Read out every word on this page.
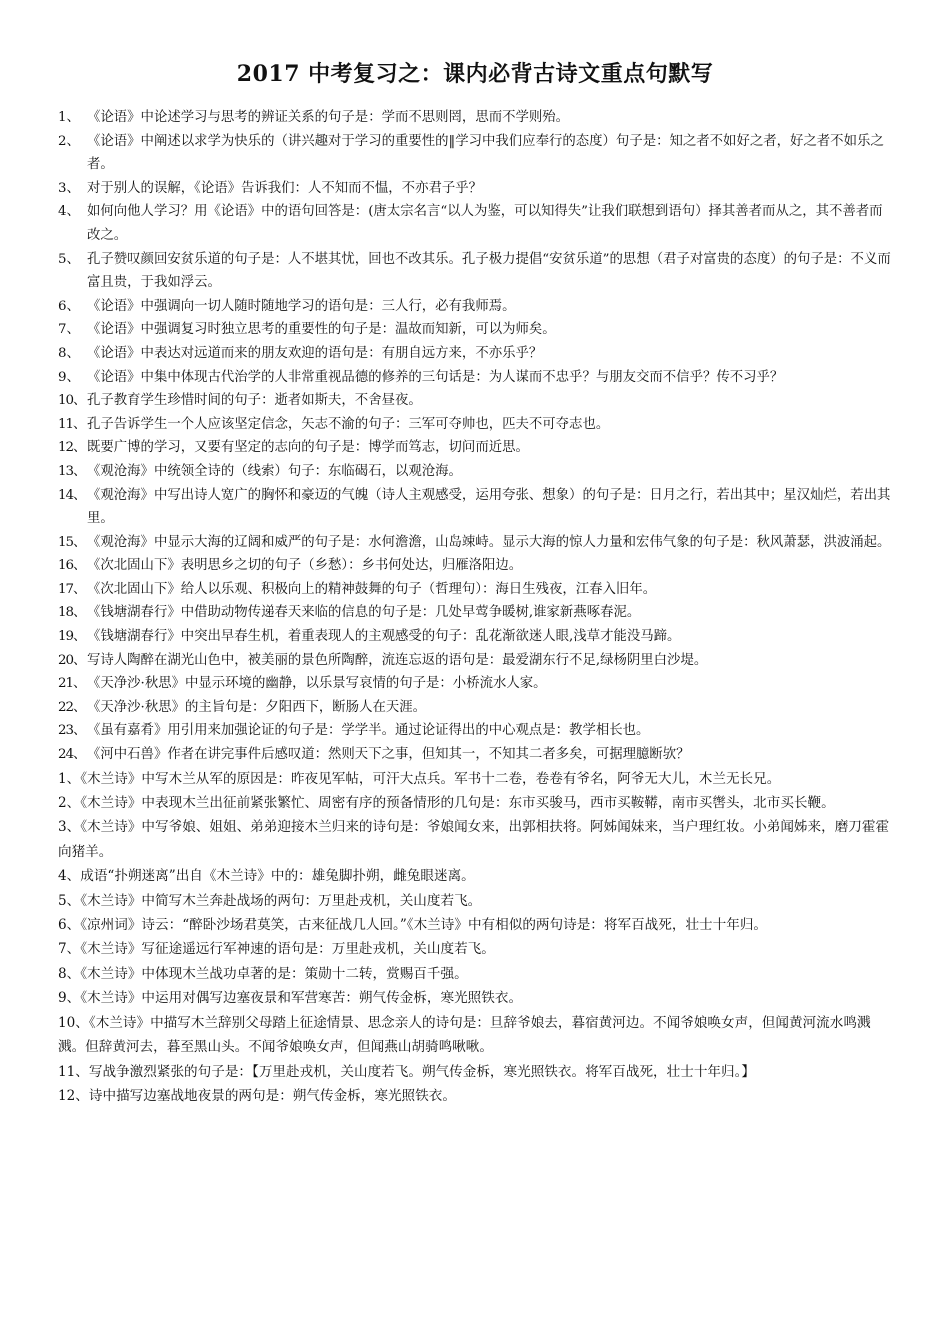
2017 中考复习之：课内必背古诗文重点句默写
1、 《论语》中论述学习与思考的辨证关系的句子是：学而不思则罔，思而不学则殆。
2、 《论语》中阐述以求学为快乐的（讲兴趣对于学习的重要性的‖学习中我们应奉行的态度）句子是：知之者不如好之者，好之者不如乐之者。
3、 对于别人的误解，《论语》告诉我们：人不知而不愠，不亦君子乎？
4、 如何向他人学习？用《论语》中的语句回答是：(唐太宗名言“以人为鉴，可以知得失”让我们联想到语句）择其善者而从之，其不善者而改之。
5、 孔子赞叹颜回安贫乐道的句子是：人不堪其忧，回也不改其乐。孔子极力提倡“安贫乐道”的思想（君子对富贵的态度）的句子是：不义而富且贵，于我如浮云。
6、 《论语》中强调向一切人随时随地学习的语句是：三人行，必有我师焉。
7、 《论语》中强调复习时独立思考的重要性的句子是：温故而知新，可以为师矣。
8、 《论语》中表达对远道而来的朋友欢迎的语句是：有朋自远方来，不亦乐乎？
9、 《论语》中集中体现古代治学的人非常重视品德的修养的三句话是：为人谋而不忠乎？与朋友交而不信乎？传不习乎？
10、 孔子教育学生珍惜时间的句子：逝者如斯夫，不舍昼夜。
11、 孔子告诉学生一个人应该坚定信念，矢志不渝的句子：三军可夺帅也，匹夫不可夺志也。
12、 既要广博的学习，又要有坚定的志向的句子是：博学而笃志，切问而近思。
13、 《观沧海》中统领全诗的（线索）句子：东临碣石，以观沧海。
14、 《观沧海》中写出诗人宽广的胸怀和豪迈的气魄（诗人主观感受，运用夸张、想象）的句子是：日月之行，若出其中；星汉灿烂，若出其里。
15、 《观沧海》中显示大海的辽阔和威严的句子是：水何澹澹，山岛竦峙。显示大海的惊人力量和宏伟气象的句子是：秋风萧瑟，洪波涌起。
16、 《次北固山下》表明思乡之切的句子（乡愁）：乡书何处达，归雁洛阳边。
17、 《次北固山下》给人以乐观、积极向上的精神鼓舞的句子（哲理句）：海日生残夜，江春入旧年。
18、 《钱塘湖春行》中借助动物传递春天来临的信息的句子是：几处早莺争暖树,谁家新燕啄春泥。
19、 《钱塘湖春行》中突出早春生机，着重表现人的主观感受的句子：乱花渐欲迷人眼,浅草才能没马蹄。
20、 写诗人陶醉在湖光山色中，被美丽的景色所陶醉，流连忘返的语句是：最爱湖东行不足,绿杨阴里白沙堤。
21、 《天净沙·秋思》中显示环境的幽静，以乐景写哀情的句子是：小桥流水人家。
22、 《天净沙·秋思》的主旨句是：夕阳西下，断肠人在天涯。
23、 《虽有嘉肴》用引用来加强论证的句子是：学学半。通过论证得出的中心观点是：教学相长也。
24、 《河中石兽》作者在讲完事件后感叹道：然则天下之事，但知其一，不知其二者多矣，可据理臆断欤？
1、《木兰诗》中写木兰从军的原因是：昨夜见军帖，可汗大点兵。军书十二卷，卷卷有爷名，阿爷无大儿，木兰无长兄。
2、《木兰诗》中表现木兰出征前紧张繁忙、周密有序的预备情形的几句是：东市买骏马，西市买鞍鞯，南市买辔头，北市买长鞭。
3、《木兰诗》中写爷娘、姐姐、弟弟迎接木兰归来的诗句是：爷娘闻女来，出郭相扶将。阿姊闻妹来，当户理红妆。小弟闻姊来，磨刀霍霍向猪羊。
4、成语“扑朔迷离”出自《木兰诗》中的：雄兔脚扑朔，雌兔眼迷离。
5、《木兰诗》中简写木兰奔赴战场的两句：万里赴戎机，关山度若飞。
6、《凉州词》诗云：“醉卧沙场君莫笑，古来征战几人回。”《木兰诗》中有相似的两句诗是：将军百战死，壮士十年归。
7、《木兰诗》写征途遥远行军神速的语句是：万里赴戎机，关山度若飞。
8、《木兰诗》中体现木兰战功卓著的是：策勋十二转，赏赐百千强。
9、《木兰诗》中运用对偶写边塞夜景和军营寒苦：朔气传金柝，寒光照铁衣。
10、《木兰诗》中描写木兰辞别父母踏上征途情景、思念亲人的诗句是：旦辞爷娘去，暮宿黄河边。不闻爷娘唤女声，但闻黄河流水鸣溅溅。但辞黄河去，暮至黑山头。不闻爷娘唤女声，但闻燕山胡骑鸣啾啾。
11、写战争激烈紧张的句子是：【万里赴戎机，关山度若飞。朔气传金柝，寒光照铁衣。将军百战死，壮士十年归。】
12、诗中描写边塞战地夜景的两句是：朔气传金柝，寒光照铁衣。
